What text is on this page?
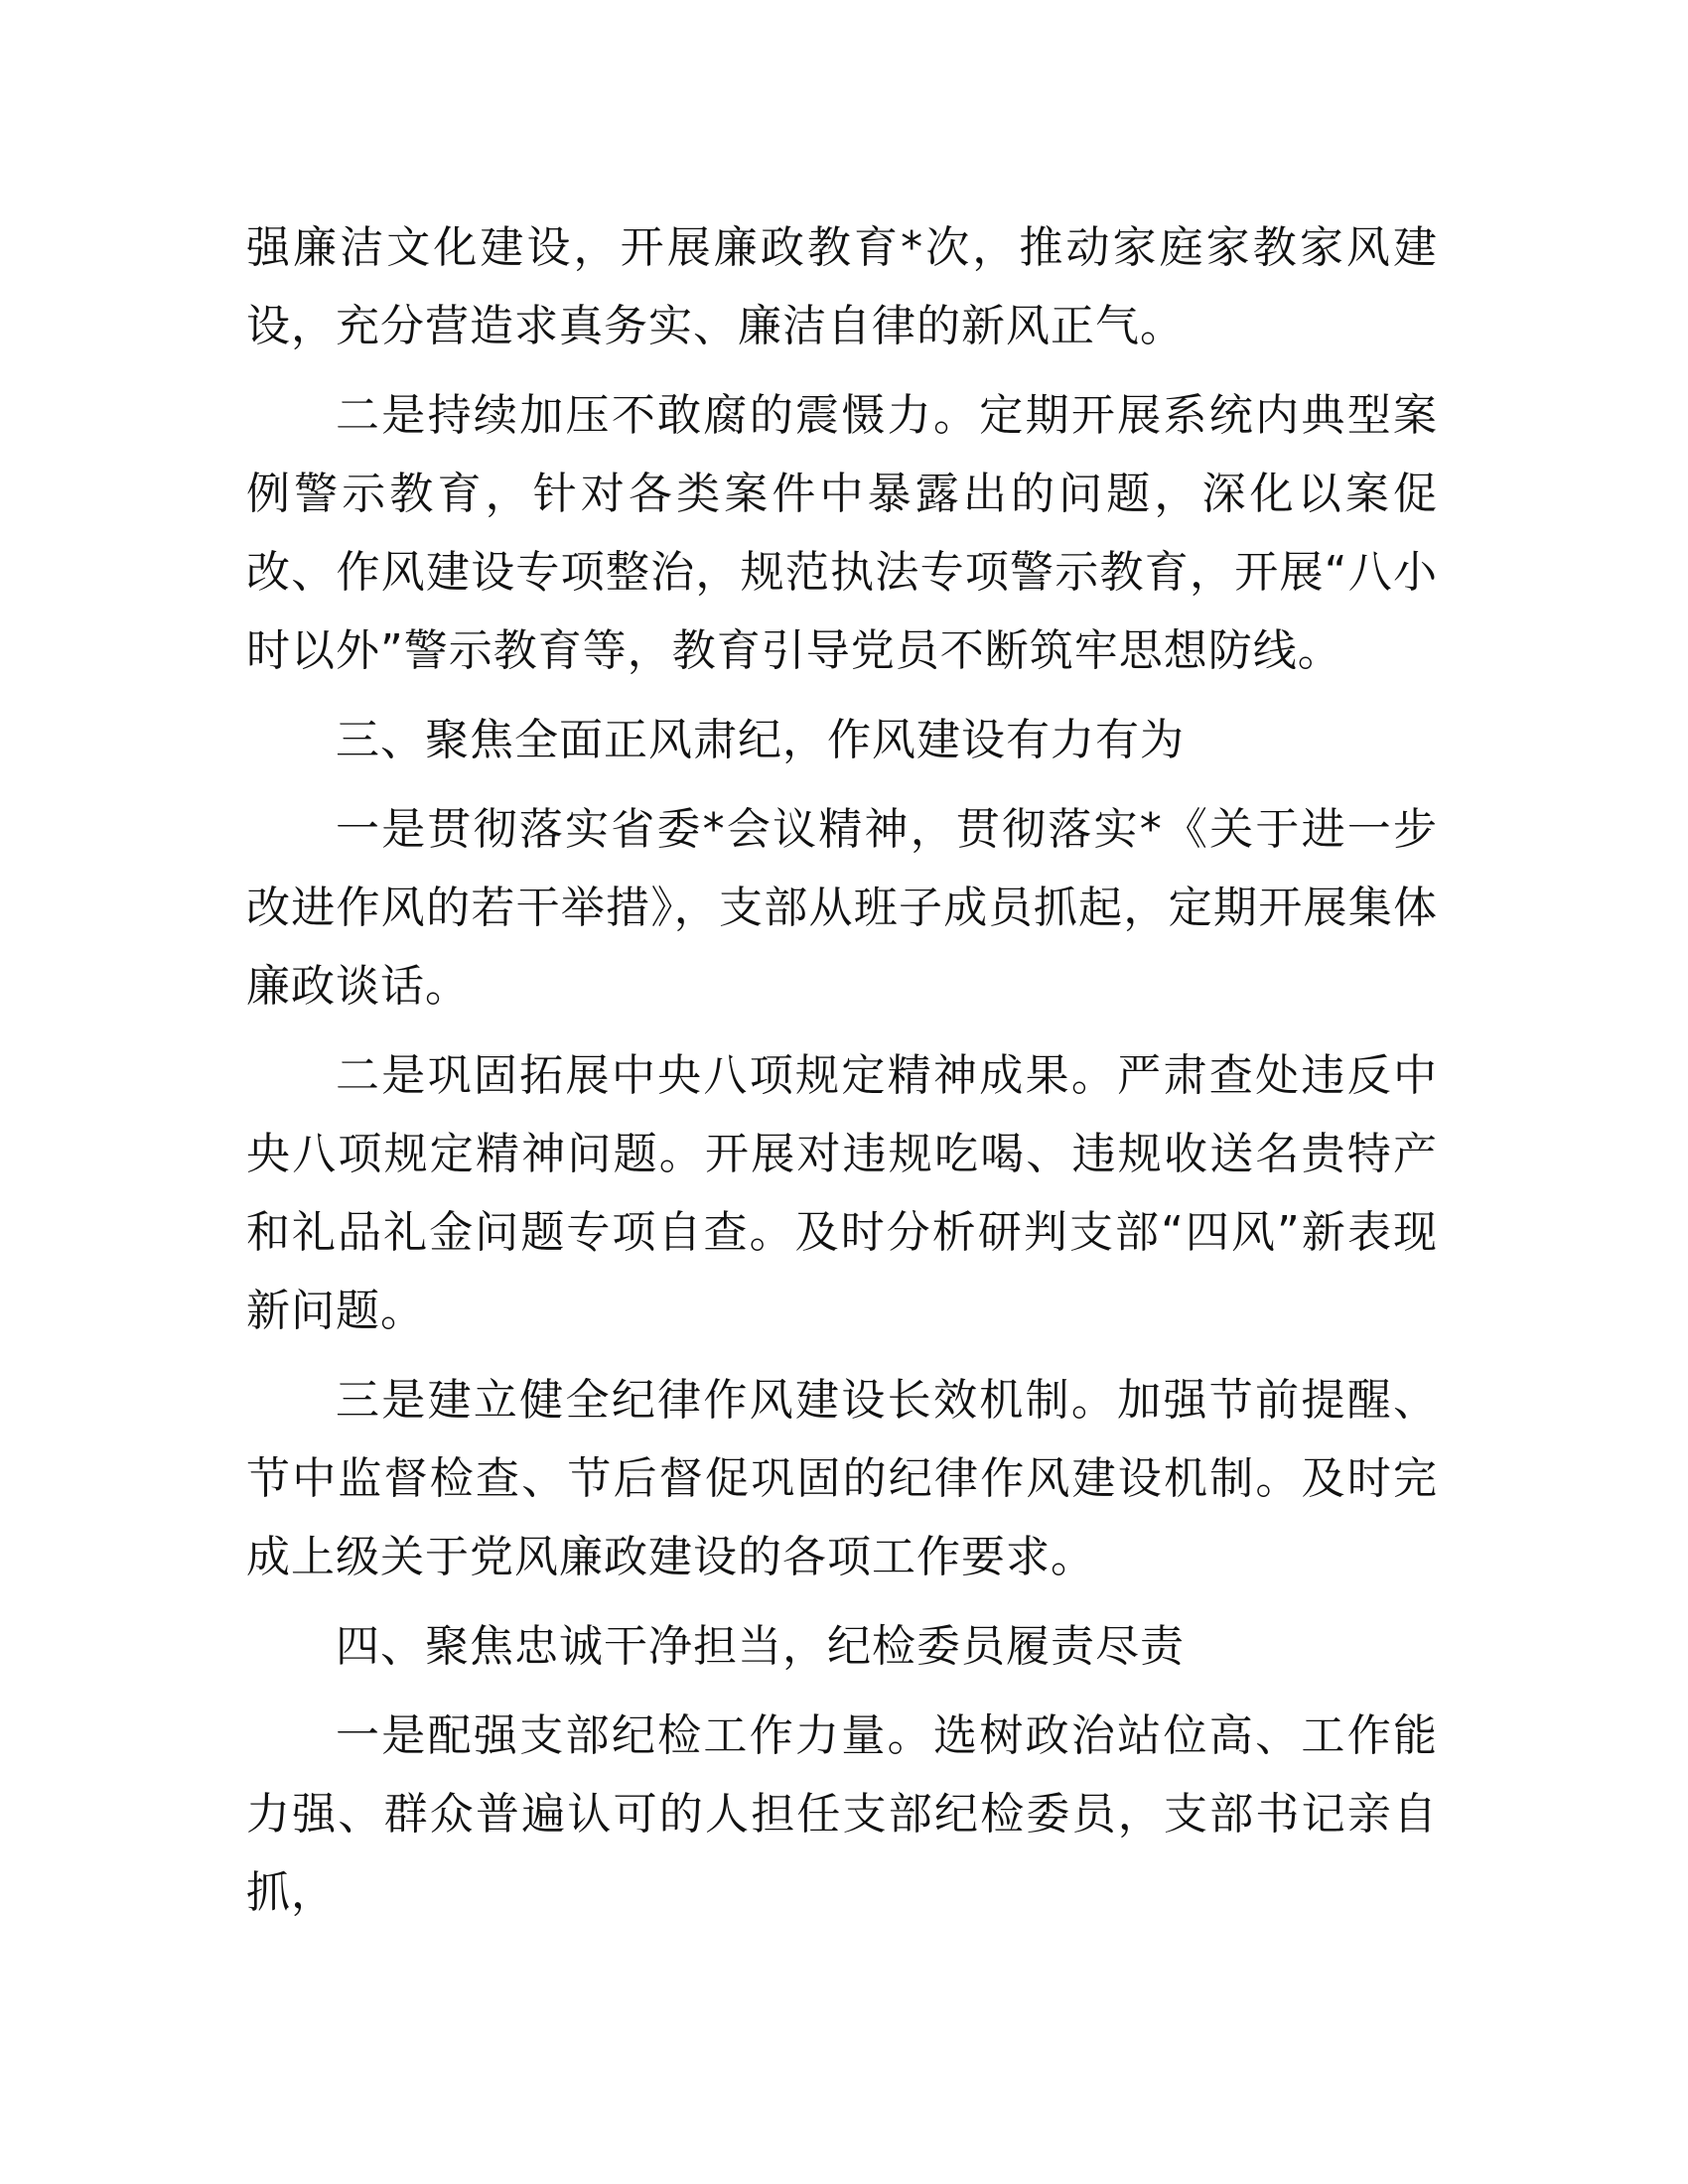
强廉洁文化建设，开展廉政教育*次，推动家庭家教家风建设，充分营造求真务实、廉洁自律的新风正气。

二是持续加压不敢腐的震慑力。定期开展系统内典型案例警示教育，针对各类案件中暴露出的问题，深化以案促改、作风建设专项整治，规范执法专项警示教育，开展“八小时以外”警示教育等，教育引导党员不断筑牢思想防线。

三、聚焦全面正风肃纪，作风建设有力有为

一是贯彻落实省委*会议精神，贯彻落实*《关于进一步改进作风的若干举措》，支部从班子成员抓起，定期开展集体廉政谈话。

二是巩固拓展中央八项规定精神成果。严肃查处违反中央八项规定精神问题。开展对违规吃喝、违规收送名贵特产和礼品礼金问题专项自查。及时分析研判支部“四风”新表现新问题。

三是建立健全纪律作风建设长效机制。加强节前提醒、节中监督检查、节后督促巩固的纪律作风建设机制。及时完成上级关于党风廉政建设的各项工作要求。

四、聚焦忠诚干净担当，纪检委员履责尽责

一是配强支部纪检工作力量。选树政治站位高、工作能力强、群众普遍认可的人担任支部纪检委员，支部书记亲自抓，
